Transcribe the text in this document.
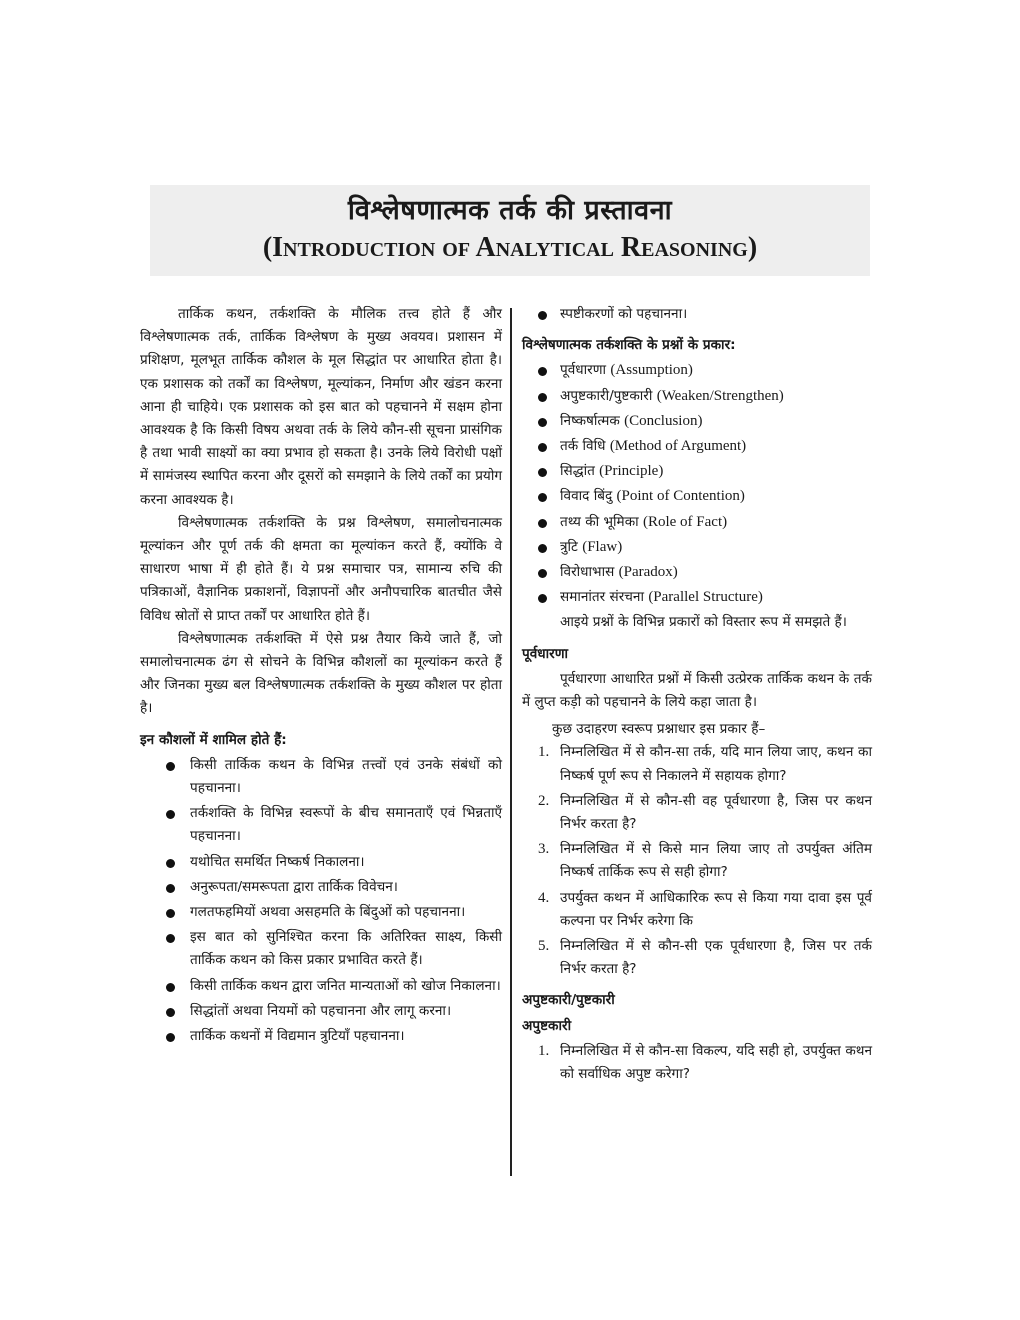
विश्लेषणात्मक तर्क की प्रस्तावना
(Introduction of Analytical Reasoning)

तार्किक कथन, तर्कशक्ति के मौलिक तत्त्व होते हैं और विश्लेषणात्मक तर्क, तार्किक विश्लेषण के मुख्य अवयव। प्रशासन में प्रशिक्षण, मूलभूत तार्किक कौशल के मूल सिद्धांत पर आधारित होता है। एक प्रशासक को तर्कों का विश्लेषण, मूल्यांकन, निर्माण और खंडन करना आना ही चाहिये। एक प्रशासक को इस बात को पहचानने में सक्षम होना आवश्यक है कि किसी विषय अथवा तर्क के लिये कौन-सी सूचना प्रासंगिक है तथा भावी साक्ष्यों का क्या प्रभाव हो सकता है। उनके लिये विरोधी पक्षों में सामंजस्य स्थापित करना और दूसरों को समझाने के लिये तर्कों का प्रयोग करना आवश्यक है।

विश्लेषणात्मक तर्कशक्ति के प्रश्न विश्लेषण, समालोचनात्मक मूल्यांकन और पूर्ण तर्क की क्षमता का मूल्यांकन करते हैं, क्योंकि वे साधारण भाषा में ही होते हैं। ये प्रश्न समाचार पत्र, सामान्य रुचि की पत्रिकाओं, वैज्ञानिक प्रकाशनों, विज्ञापनों और अनौपचारिक बातचीत जैसे विविध स्रोतों से प्राप्त तर्कों पर आधारित होते हैं।

विश्लेषणात्मक तर्कशक्ति में ऐसे प्रश्न तैयार किये जाते हैं, जो समालोचनात्मक ढंग से सोचने के विभिन्न कौशलों का मूल्यांकन करते हैं और जिनका मुख्य बल विश्लेषणात्मक तर्कशक्ति के मुख्य कौशल पर होता है।

इन कौशलों में शामिल होते हैं:
किसी तार्किक कथन के विभिन्न तत्त्वों एवं उनके संबंधों को पहचानना।
तर्कशक्ति के विभिन्न स्वरूपों के बीच समानताएँ एवं भिन्नताएँ पहचानना।
यथोचित समर्थित निष्कर्ष निकालना।
अनुरूपता/समरूपता द्वारा तार्किक विवेचन।
गलतफहमियों अथवा असहमति के बिंदुओं को पहचानना।
इस बात को सुनिश्चित करना कि अतिरिक्त साक्ष्य, किसी तार्किक कथन को किस प्रकार प्रभावित करते हैं।
किसी तार्किक कथन द्वारा जनित मान्यताओं को खोज निकालना।
सिद्धांतों अथवा नियमों को पहचानना और लागू करना।
तार्किक कथनों में विद्यमान त्रुटियाँ पहचानना।
स्पष्टीकरणों को पहचानना।
विश्लेषणात्मक तर्कशक्ति के प्रश्नों के प्रकार:
पूर्वधारणा (Assumption)
अपुष्टकारी/पुष्टकारी (Weaken/Strengthen)
निष्कर्षात्मक (Conclusion)
तर्क विधि (Method of Argument)
सिद्धांत (Principle)
विवाद बिंदु (Point of Contention)
तथ्य की भूमिका (Role of Fact)
त्रुटि (Flaw)
विरोधाभास (Paradox)
समानांतर संरचना (Parallel Structure)

आइये प्रश्नों के विभिन्न प्रकारों को विस्तार रूप में समझते हैं।

पूर्वधारणा

पूर्वधारणा आधारित प्रश्नों में किसी उत्प्रेरक तार्किक कथन के तर्क में लुप्त कड़ी को पहचानने के लिये कहा जाता है।

कुछ उदाहरण स्वरूप प्रश्नाधार इस प्रकार हैं–

1. निम्नलिखित में से कौन-सा तर्क, यदि मान लिया जाए, कथन का निष्कर्ष पूर्ण रूप से निकालने में सहायक होगा?
2. निम्नलिखित में से कौन-सी वह पूर्वधारणा है, जिस पर कथन निर्भर करता है?
3. निम्नलिखित में से किसे मान लिया जाए तो उपर्युक्त अंतिम निष्कर्ष तार्किक रूप से सही होगा?
4. उपर्युक्त कथन में आधिकारिक रूप से किया गया दावा इस पूर्व कल्पना पर निर्भर करेगा कि
5. निम्नलिखित में से कौन-सी एक पूर्वधारणा है, जिस पर तर्क निर्भर करता है?
अपुष्टकारी/पुष्टकारी
अपुष्टकारी
1. निम्नलिखित में से कौन-सा विकल्प, यदि सही हो, उपर्युक्त कथन को सर्वाधिक अपुष्ट करेगा?
